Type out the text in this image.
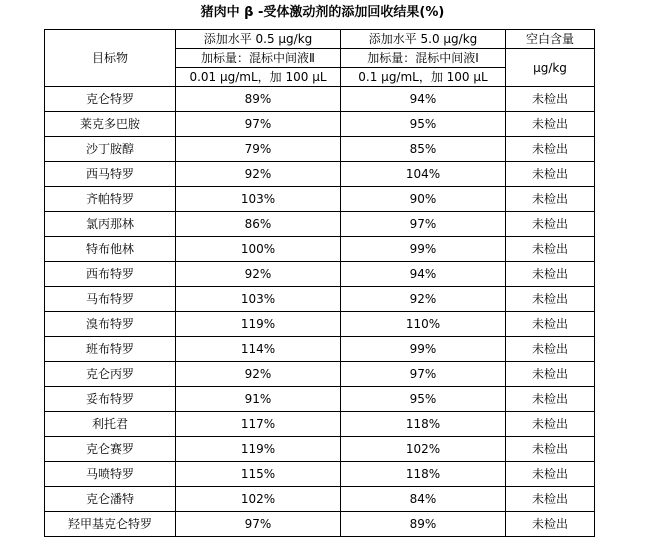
猪肉中 β -受体激动剂的添加回收结果(%)
目标物	添加水平 0.5 μg/kg	添加水平 5.0 μg/kg	空白含量
	加标量：混标中间液Ⅱ	加标量：混标中间液Ⅰ	μg/kg
	0.01 μg/mL，加 100 μL	0.1 μg/mL，加 100 μL	
克仑特罗	89%	94%	未检出
莱克多巴胺	97%	95%	未检出
沙丁胺醇	79%	85%	未检出
西马特罗	92%	104%	未检出
齐帕特罗	103%	90%	未检出
氯丙那林	86%	97%	未检出
特布他林	100%	99%	未检出
西布特罗	92%	94%	未检出
马布特罗	103%	92%	未检出
溴布特罗	119%	110%	未检出
班布特罗	114%	99%	未检出
克仑丙罗	92%	97%	未检出
妥布特罗	91%	95%	未检出
利托君	117%	118%	未检出
克仑赛罗	119%	102%	未检出
马喷特罗	115%	118%	未检出
克仑潘特	102%	84%	未检出
羟甲基克仑特罗	97%	89%	未检出
